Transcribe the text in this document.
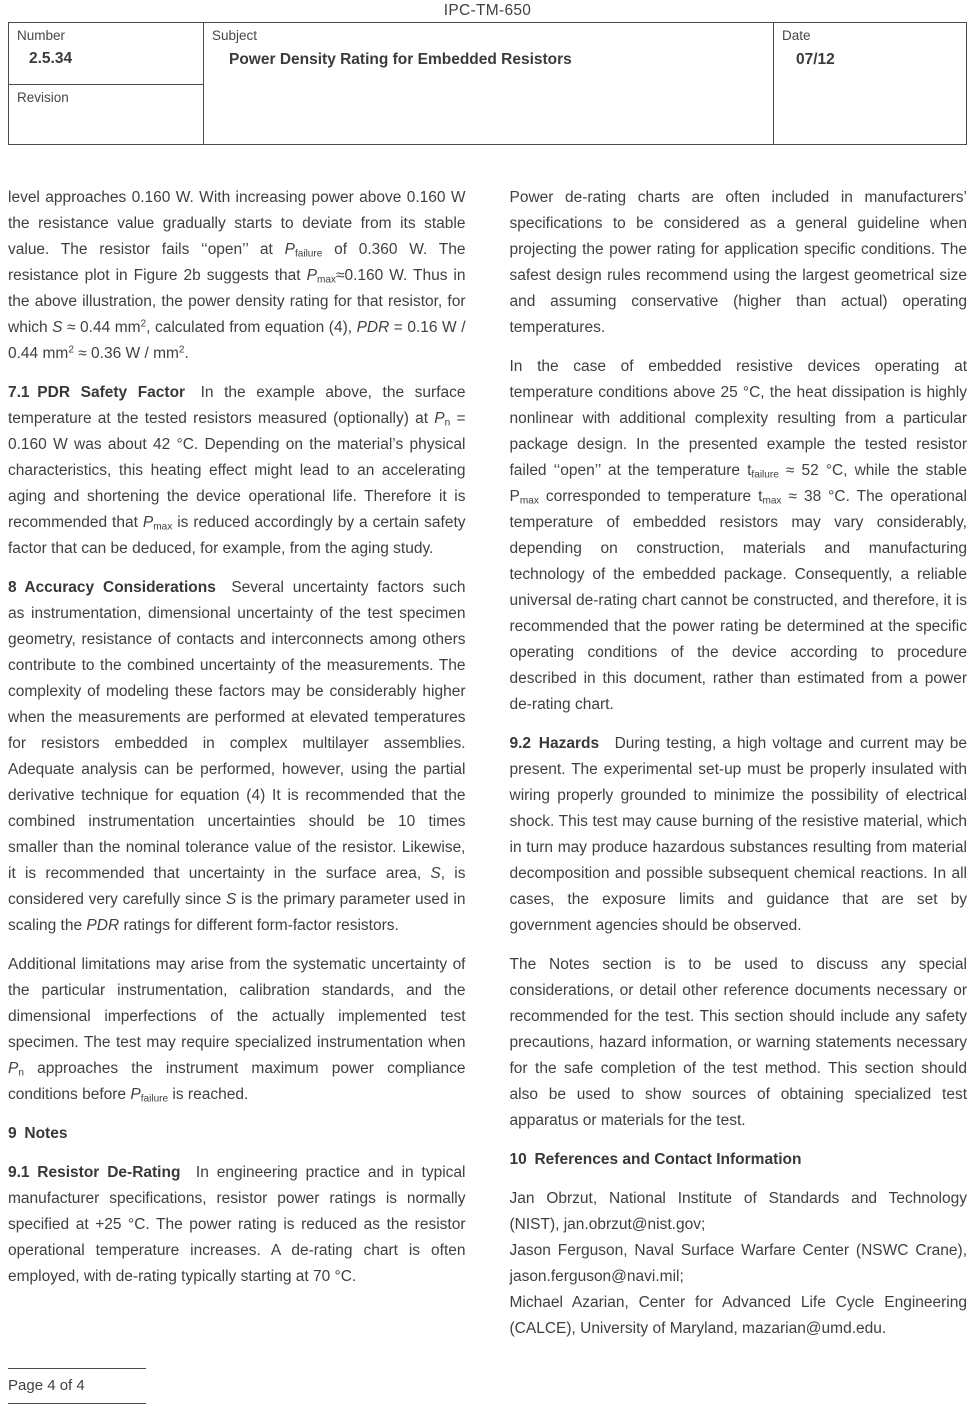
IPC-TM-650
Number
2.5.34
Revision
Subject
Power Density Rating for Embedded Resistors
Date
07/12

level approaches 0.160 W. With increasing power above 0.160 W the resistance value gradually starts to deviate from its stable value. The resistor fails ‘‘open’’ at $P_{failure}$ of 0.360 W. The resistance plot in Figure 2b suggests that $P_{max}\approx 0.160$ W. Thus in the above illustration, the power density rating for that resistor, for which S ≈ 0.44 $mm^2$, calculated from equation (4), PDR = 0.16 W / 0.44 $mm^2 \approx 0.36$ W / $mm^2$.

7.1 PDR Safety Factor In the example above, the surface temperature at the tested resistors measured (optionally) at $P_n = 0.160$ W was about 42 °C. Depending on the material’s physical characteristics, this heating effect might lead to an accelerating aging and shortening the device operational life. Therefore it is recommended that $P_{max}$ is reduced accordingly by a certain safety factor that can be deduced, for example, from the aging study.

8 Accuracy Considerations Several uncertainty factors such as instrumentation, dimensional uncertainty of the test specimen geometry, resistance of contacts and interconnects among others contribute to the combined uncertainty of the measurements. The complexity of modeling these factors may be considerably higher when the measurements are performed at elevated temperatures for resistors embedded in complex multilayer assemblies. Adequate analysis can be performed, however, using the partial derivative technique for equation (4) It is recommended that the combined instrumentation uncertainties should be 10 times smaller than the nominal tolerance value of the resistor. Likewise, it is recommended that uncertainty in the surface area, S, is considered very carefully since S is the primary parameter used in scaling the PDR ratings for different form-factor resistors.

Additional limitations may arise from the systematic uncertainty of the particular instrumentation, calibration standards, and the dimensional imperfections of the actually implemented test specimen. The test may require specialized instrumentation when $P_n$ approaches the instrument maximum power compliance conditions before $P_{failure}$ is reached.

9 Notes

9.1 Resistor De-Rating In engineering practice and in typical manufacturer specifications, resistor power ratings is normally specified at +25 °C. The power rating is reduced as the resistor operational temperature increases. A de-rating chart is often employed, with de-rating typically starting at 70 °C.

Power de-rating charts are often included in manufacturers’ specifications to be considered as a general guideline when projecting the power rating for application specific conditions. The safest design rules recommend using the largest geometrical size and assuming conservative (higher than actual) operating temperatures.

In the case of embedded resistive devices operating at temperature conditions above 25 °C, the heat dissipation is highly nonlinear with additional complexity resulting from a particular package design. In the presented example the tested resistor failed ‘‘open’’ at the temperature $t_{failure} \approx 52$ °C, while the stable $P_{max}$ corresponded to temperature $t_{max} \approx 38$ °C. The operational temperature of embedded resistors may vary considerably, depending on construction, materials and manufacturing technology of the embedded package. Consequently, a reliable universal de-rating chart cannot be constructed, and therefore, it is recommended that the power rating be determined at the specific operating conditions of the device according to procedure described in this document, rather than estimated from a power de-rating chart.

9.2 Hazards During testing, a high voltage and current may be present. The experimental set-up must be properly insulated with wiring properly grounded to minimize the possibility of electrical shock. This test may cause burning of the resistive material, which in turn may produce hazardous substances resulting from material decomposition and possible subsequent chemical reactions. In all cases, the exposure limits and guidance that are set by government agencies should be observed.

The Notes section is to be used to discuss any special considerations, or detail other reference documents necessary or recommended for the test. This section should include any safety precautions, hazard information, or warning statements necessary for the safe completion of the test method. This section should also be used to show sources of obtaining specialized test apparatus or materials for the test.

10 References and Contact Information

Jan Obrzut, National Institute of Standards and Technology (NIST), jan.obrzut@nist.gov;
Jason Ferguson, Naval Surface Warfare Center (NSWC Crane), jason.ferguson@navi.mil;
Michael Azarian, Center for Advanced Life Cycle Engineering (CALCE), University of Maryland, mazarian@umd.edu.

Page 4 of 4
